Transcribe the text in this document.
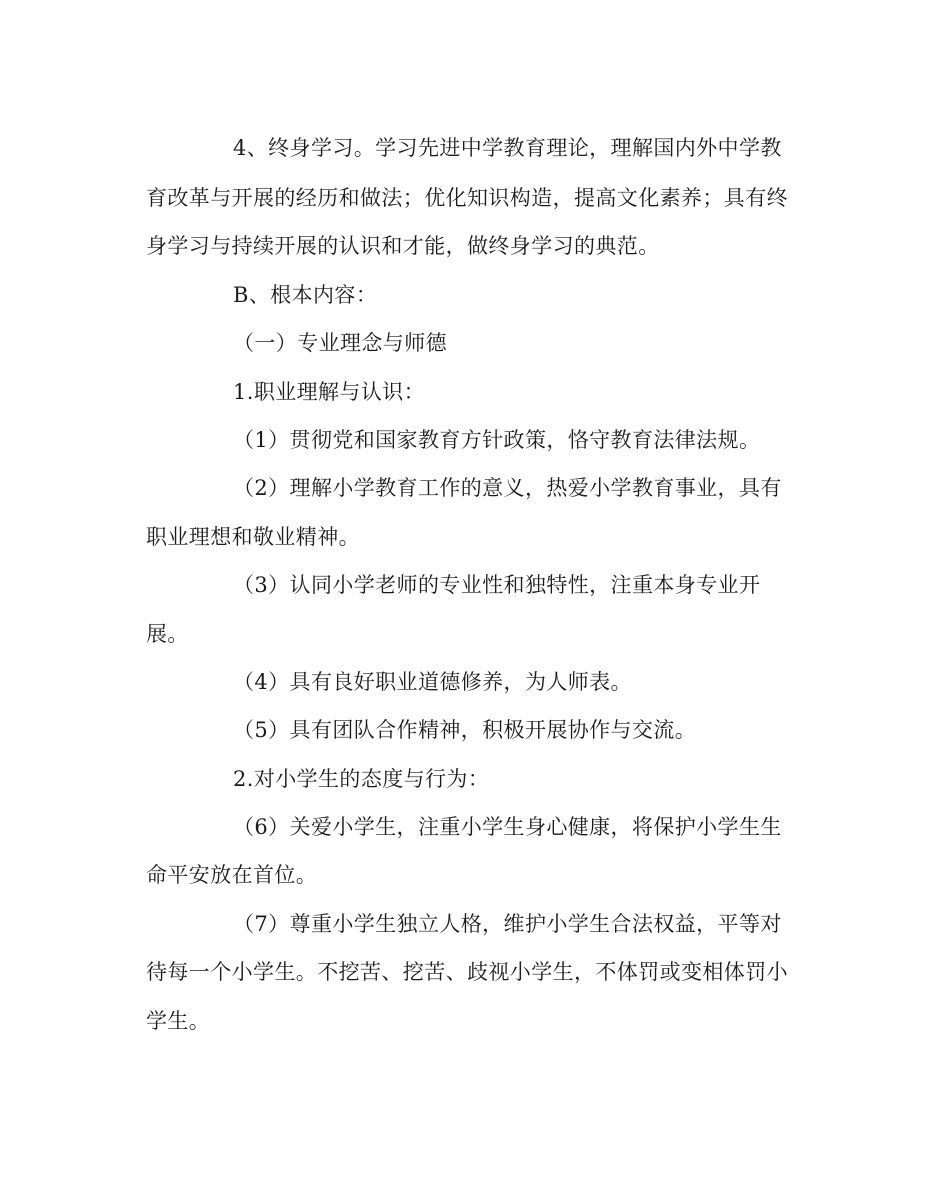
4、终身学习。学习先进中学教育理论，理解国内外中学教
育改革与开展的经历和做法；优化知识构造，提高文化素养；具有终
身学习与持续开展的认识和才能，做终身学习的典范。
B、根本内容：
（一）专业理念与师德
1.职业理解与认识：
（1）贯彻党和国家教育方针政策，恪守教育法律法规。
（2）理解小学教育工作的意义，热爱小学教育事业，具有
职业理想和敬业精神。
（3）认同小学老师的专业性和独特性，注重本身专业开
展。
（4）具有良好职业道德修养，为人师表。
（5）具有团队合作精神，积极开展协作与交流。
2.对小学生的态度与行为：
（6）关爱小学生，注重小学生身心健康，将保护小学生生
命平安放在首位。
（7）尊重小学生独立人格，维护小学生合法权益，平等对
待每一个小学生。不挖苦、挖苦、歧视小学生，不体罚或变相体罚小
学生。
